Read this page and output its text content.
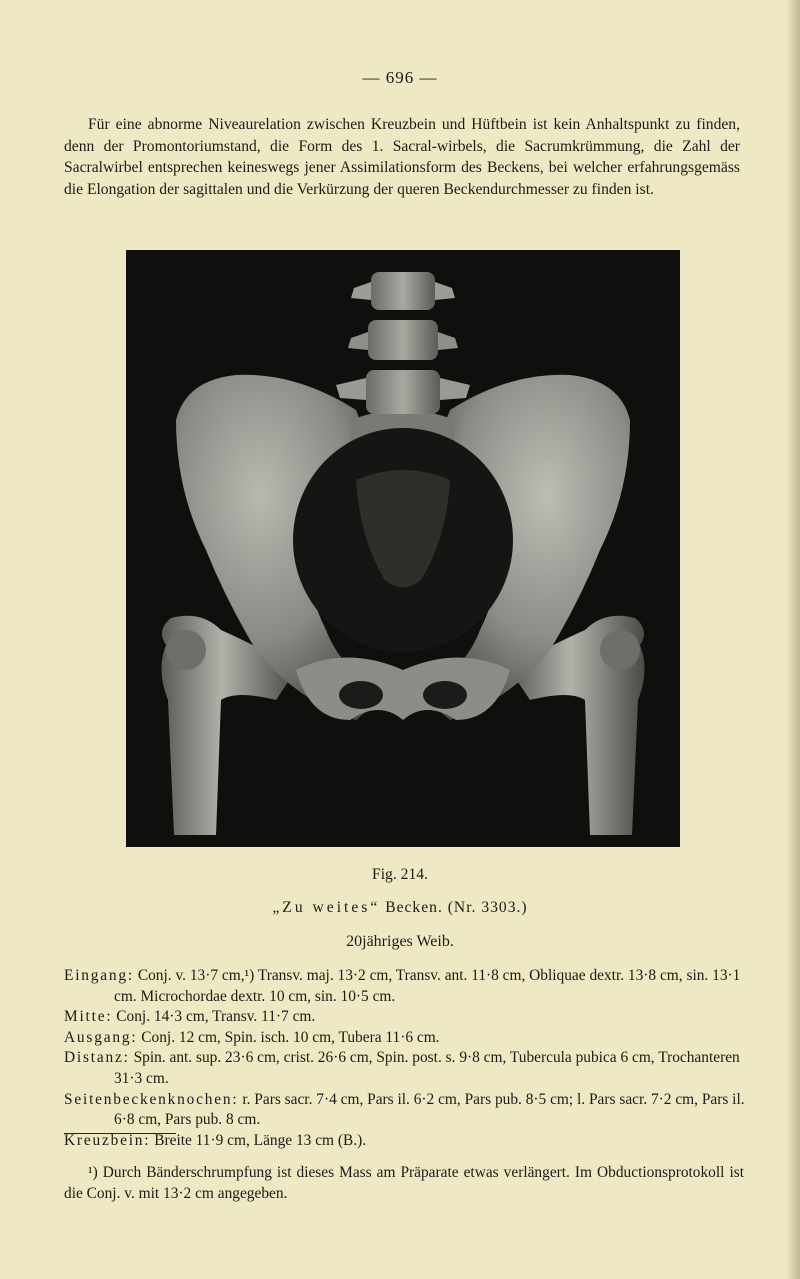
— 696 —

Für eine abnorme Niveaurelation zwischen Kreuzbein und Hüftbein ist kein Anhaltspunkt zu finden, denn der Promontoriumstand, die Form des 1. Sacral-wirbels, die Sacrumkrümmung, die Zahl der Sacralwirbel entsprechen keineswegs jener Assimilationsform des Beckens, bei welcher erfahrungsgemäss die Elongation der sagittalen und die Verkürzung der queren Beckendurchmesser zu finden ist.

Fig. 214.
„Zu weites“ Becken. (Nr. 3303.)
20jähriges Weib.
Eingang: Conj. v. 13·7 cm,¹) Transv. maj. 13·2 cm, Transv. ant. 11·8 cm, Obliquae dextr. 13·8 cm, sin. 13·1 cm. Microchordae dextr. 10 cm, sin. 10·5 cm.
Mitte: Conj. 14·3 cm, Transv. 11·7 cm.
Ausgang: Conj. 12 cm, Spin. isch. 10 cm, Tubera 11·6 cm.
Distanz: Spin. ant. sup. 23·6 cm, crist. 26·6 cm, Spin. post. s. 9·8 cm, Tubercula pubica 6 cm, Trochanteren 31·3 cm.
Seitenbeckenknochen: r. Pars sacr. 7·4 cm, Pars il. 6·2 cm, Pars pub. 8·5 cm; l. Pars sacr. 7·2 cm, Pars il. 6·8 cm, Pars pub. 8 cm.
Kreuzbein: Breite 11·9 cm, Länge 13 cm (B.).

¹) Durch Bänderschrumpfung ist dieses Mass am Präparate etwas verlängert. Im Obductionsprotokoll ist die Conj. v. mit 13·2 cm angegeben.
